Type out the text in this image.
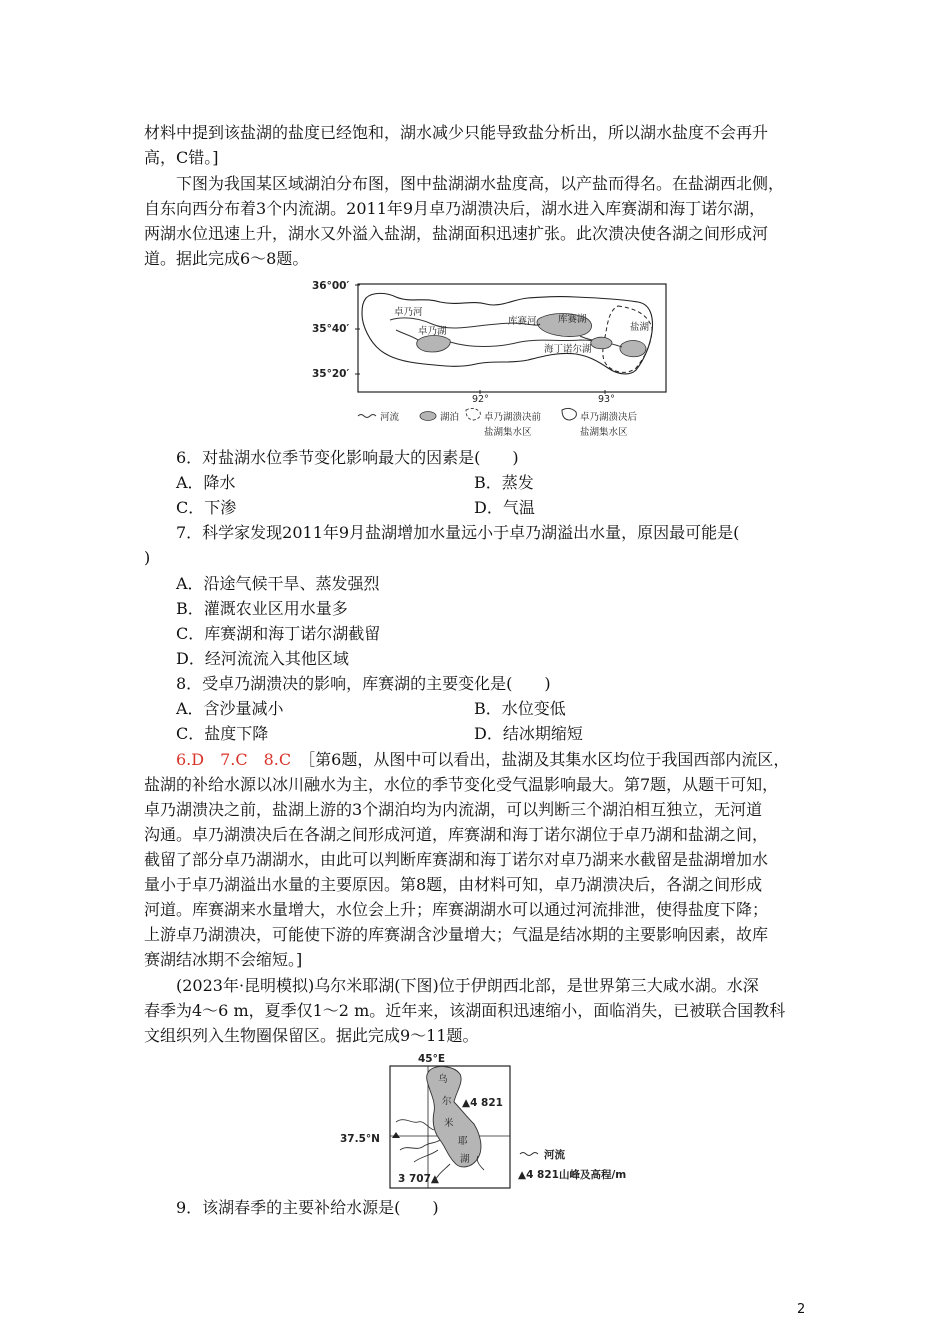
材料中提到该盐湖的盐度已经饱和，湖水减少只能导致盐分析出，所以湖水盐度不会再升
高，C错。]
下图为我国某区域湖泊分布图，图中盐湖湖水盐度高，以产盐而得名。在盐湖西北侧，
自东向西分布着3个内流湖。2011年9月卓乃湖溃决后，湖水进入库赛湖和海丁诺尔湖，
两湖水位迅速上升，湖水又外溢入盐湖，盐湖面积迅速扩张。此次溃决使各湖之间形成河
道。据此完成6～8题。
36°00′
35°40′
35°20′
92°	93°
卓乃河
卓乃湖
库赛河 库赛湖
盐湖
海丁诺尔湖
河流	湖泊	卓乃湖溃决前
盐湖集水区
卓乃湖溃决后
盐湖集水区
6．对盐湖水位季节变化影响最大的因素是(　　)
A．降水	B．蒸发
C．下渗	D．气温
7．科学家发现2011年9月盐湖增加水量远小于卓乃湖溢出水量，原因最可能是(
)
A．沿途气候干旱、蒸发强烈
B．灌溉农业区用水量多
C．库赛湖和海丁诺尔湖截留
D．经河流流入其他区域
8．受卓乃湖溃决的影响，库赛湖的主要变化是(　　)
A．含沙量减小	B．水位变低
C．盐度下降	D．结冰期缩短
6.D　7.C　8.C　 ［第6题，从图中可以看出，盐湖及其集水区均位于我国西部内流区，
盐湖的补给水源以冰川融水为主，水位的季节变化受气温影响最大。第7题，从题干可知，
卓乃湖溃决之前，盐湖上游的3个湖泊均为内流湖，可以判断三个湖泊相互独立，无河道
沟通。卓乃湖溃决后在各湖之间形成河道，库赛湖和海丁诺尔湖位于卓乃湖和盐湖之间，
截留了部分卓乃湖湖水，由此可以判断库赛湖和海丁诺尔对卓乃湖来水截留是盐湖增加水
量小于卓乃湖溢出水量的主要原因。第8题，由材料可知，卓乃湖溃决后，各湖之间形成
河道。库赛湖来水量增大，水位会上升；库赛湖湖水可以通过河流排泄，使得盐度下降；
上游卓乃湖溃决，可能使下游的库赛湖含沙量增大；气温是结冰期的主要影响因素，故库
赛湖结冰期不会缩短。]
(2023年·昆明模拟)乌尔米耶湖(下图)位于伊朗西北部，是世界第三大咸水湖。水深
春季为4～6 m，夏季仅1～2 m。近年来，该湖面积迅速缩小，面临消失，已被联合国教科
文组织列入生物圈保留区。据此完成9～11题。
45°E
37.5°N
乌
尔
米
耶
湖
▲4 821
3 707▲
河流
▲4 821山峰及高程/m
9．该湖春季的主要补给水源是(　　)
2
